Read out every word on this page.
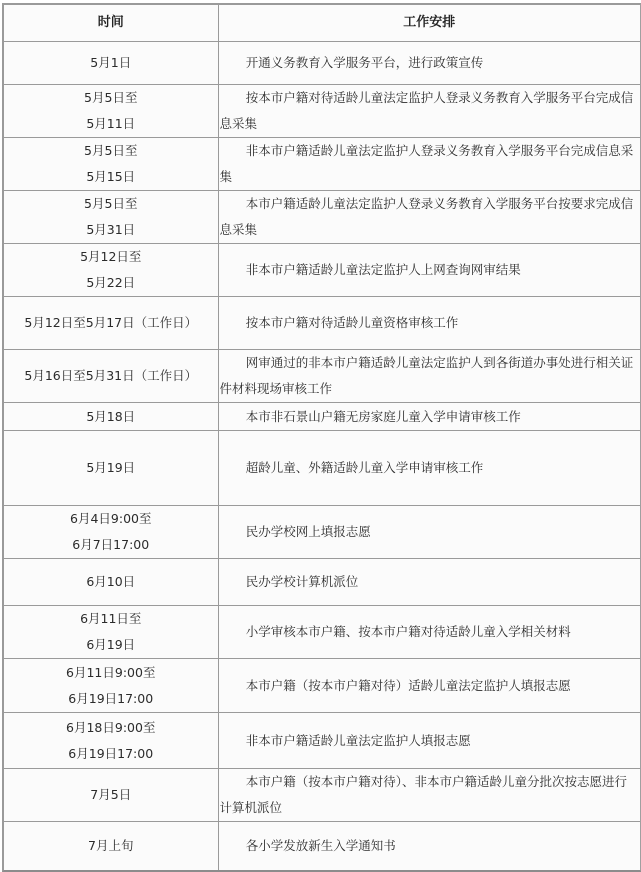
时间	工作安排

5月1日	开通义务教育入学服务平台，进行政策宣传

5月5日至
5月11日	按本市户籍对待适龄儿童法定监护人登录义务教育入学服务平台完成信息采集

5月5日至
5月15日	非本市户籍适龄儿童法定监护人登录义务教育入学服务平台完成信息采集

5月5日至
5月31日	本市户籍适龄儿童法定监护人登录义务教育入学服务平台按要求完成信息采集

5月12日至
5月22日	非本市户籍适龄儿童法定监护人上网查询网审结果

5月12日至5月17日（工作日）	按本市户籍对待适龄儿童资格审核工作

5月16日至5月31日（工作日）	网审通过的非本市户籍适龄儿童法定监护人到各街道办事处进行相关证件材料现场审核工作

5月18日	本市非石景山户籍无房家庭儿童入学申请审核工作

5月19日	超龄儿童、外籍适龄儿童入学申请审核工作

6月4日9:00至
6月7日17:00	民办学校网上填报志愿

6月10日	民办学校计算机派位

6月11日至
6月19日	小学审核本市户籍、按本市户籍对待适龄儿童入学相关材料

6月11日9:00至
6月19日17:00	本市户籍（按本市户籍对待）适龄儿童法定监护人填报志愿

6月18日9:00至
6月19日17:00	非本市户籍适龄儿童法定监护人填报志愿

7月5日	本市户籍（按本市户籍对待）、非本市户籍适龄儿童分批次按志愿进行计算机派位

7月上旬	各小学发放新生入学通知书
